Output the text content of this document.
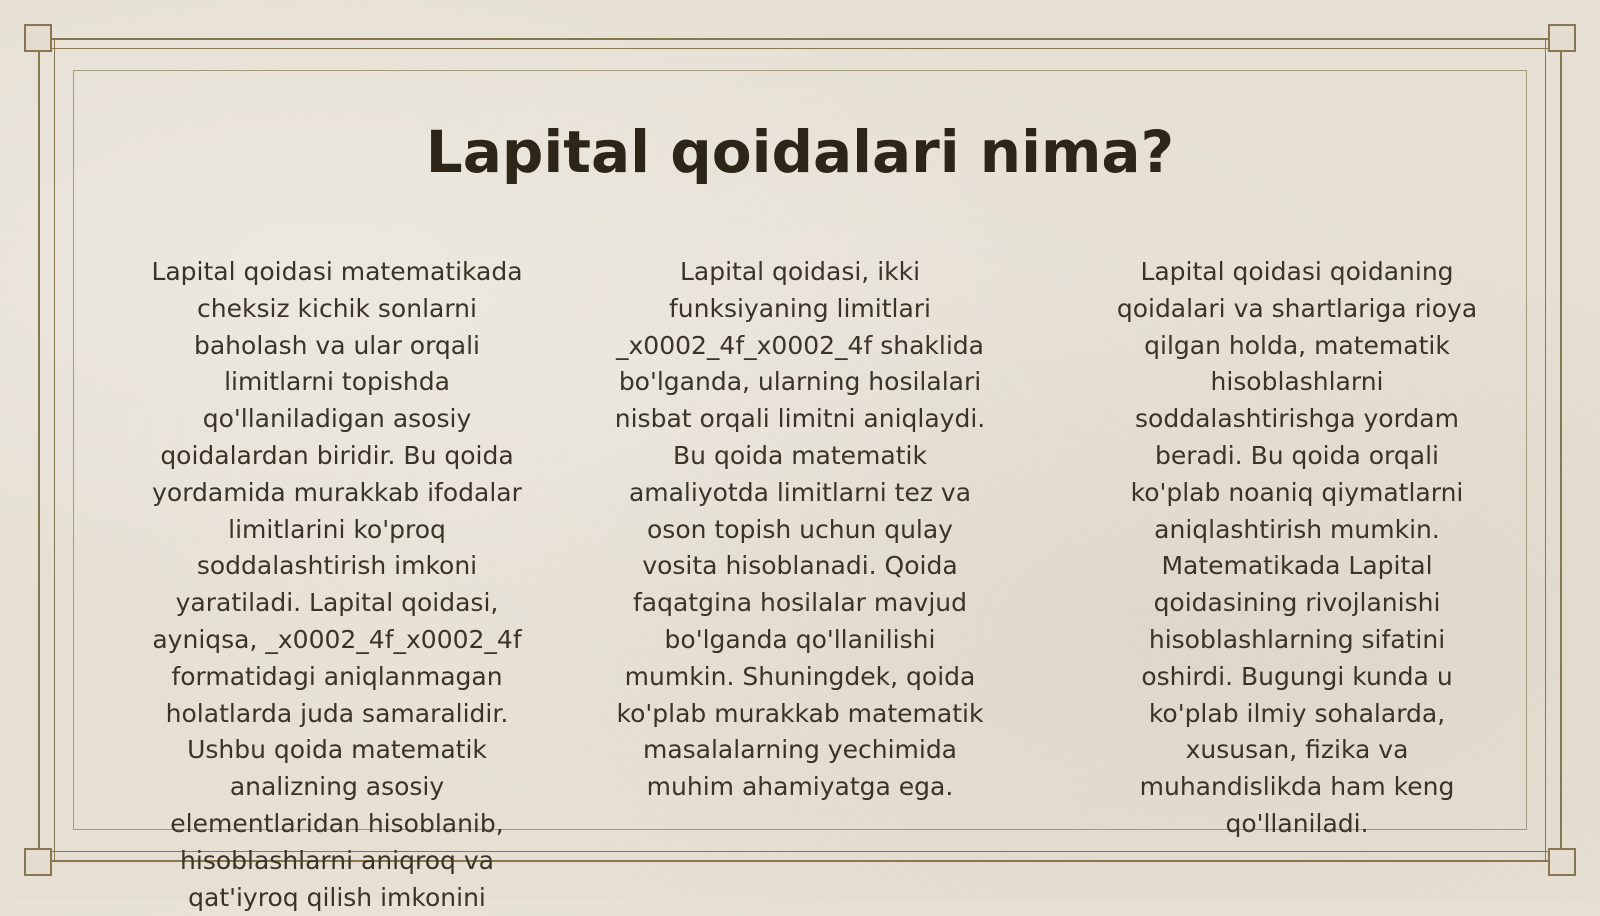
Lapital qoidalari nima?

Lapital qoidasi matematikada cheksiz kichik sonlarni baholash va ular orqali limitlarni topishda qo'llaniladigan asosiy qoidalardan biridir. Bu qoida yordamida murakkab ifodalar limitlarini ko'proq soddalashtirish imkoni yaratiladi. Lapital qoidasi, ayniqsa, _x0002_4f_x0002_4f formatidagi aniqlanmagan holatlarda juda samaralidir. Ushbu qoida matematik analizning asosiy elementlaridan hisoblanib, hisoblashlarni aniqroq va qat'iyroq qilish imkonini

Lapital qoidasi, ikki funksiyaning limitlari _x0002_4f_x0002_4f shaklida bo'lganda, ularning hosilalari nisbat orqali limitni aniqlaydi. Bu qoida matematik amaliyotda limitlarni tez va oson topish uchun qulay vosita hisoblanadi. Qoida faqatgina hosilalar mavjud bo'lganda qo'llanilishi mumkin. Shuningdek, qoida ko'plab murakkab matematik masalalarning yechimida muhim ahamiyatga ega.

Lapital qoidasi qoidaning qoidalari va shartlariga rioya qilgan holda, matematik hisoblashlarni soddalashtirishga yordam beradi. Bu qoida orqali ko'plab noaniq qiymatlarni aniqlashtirish mumkin. Matematikada Lapital qoidasining rivojlanishi hisoblashlarning sifatini oshirdi. Bugungi kunda u ko'plab ilmiy sohalarda, xususan, fizika va muhandislikda ham keng qo'llaniladi.
